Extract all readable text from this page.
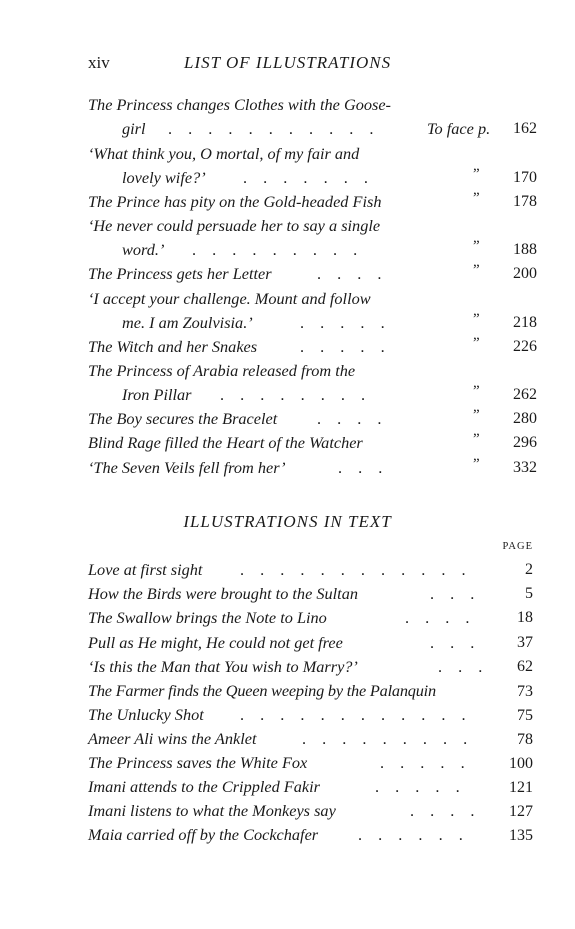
xiv	LIST OF ILLUSTRATIONS
The Princess changes Clothes with the Goose-
girl . . . . . . . . . . .	To face p.	162
‘What think you, O mortal, of my fair and
lovely wife?’ . . . . . . .	”	170
The Prince has pity on the Gold-headed Fish	”	178
‘He never could persuade her to say a single
word.’ . . . . . . . . .	”	188
The Princess gets her Letter	. . . .	”	200
‘I accept your challenge. Mount and follow
me. I am Zoulvisia.’	. . . . .	”	218
The Witch and her Snakes	. . . . .	”	226
The Princess of Arabia released from the
Iron Pillar . . . . . . . .	”	262
The Boy secures the Bracelet . . . .	”	280
Blind Rage filled the Heart of the Watcher	”	296
‘The Seven Veils fell from her’	. . .	”	332
ILLUSTRATIONS IN TEXT
PAGE
Love at first sight . . . . . . . . . . . .	2
How the Birds were brought to the Sultan	. . .	5
The Swallow brings the Note to Lino	. . . .	18
Pull as He might, He could not get free	. . .	37
‘Is this the Man that You wish to Marry?’	. . .	62
The Farmer finds the Queen weeping by the Palanquin	73
The Unlucky Shot . . . . . . . . . . . .	75
Ameer Ali wins the Anklet	. . . . . . . . .	78
The Princess saves the White Fox	. . . . .	100
Imani attends to the Crippled Fakir	. . . . .	121
Imani listens to what the Monkeys say	. . . .	127
Maia carried off by the Cockchafer . . . . . .	135
